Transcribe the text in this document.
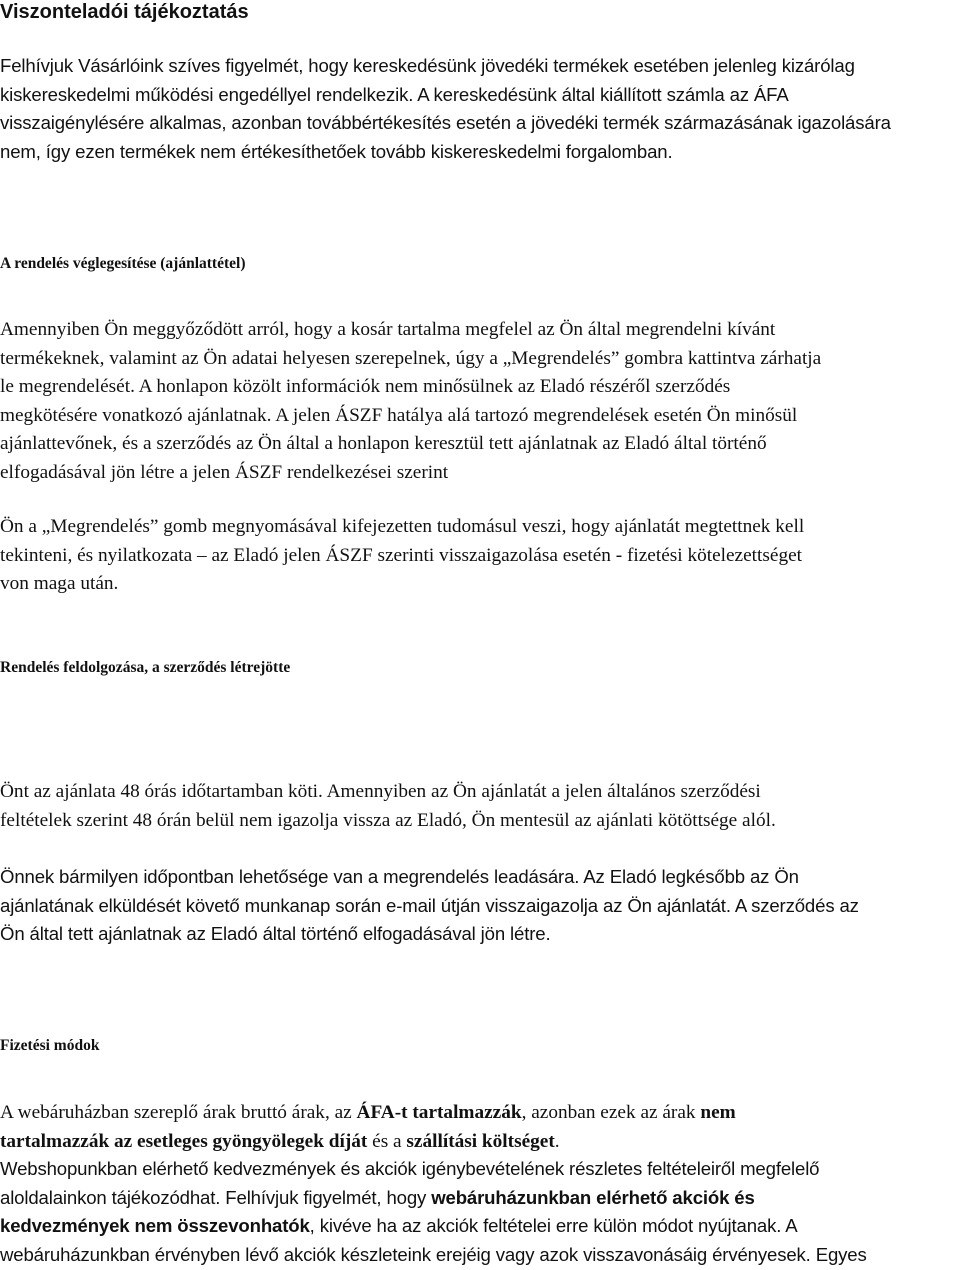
Viszonteladói tájékoztatás

Felhívjuk Vásárlóink szíves figyelmét, hogy kereskedésünk jövedéki termékek esetében jelenleg kizárólag
kiskereskedelmi működési engedéllyel rendelkezik. A kereskedésünk által kiállított számla az ÁFA
visszaigénylésére alkalmas, azonban továbbértékesítés esetén a jövedéki termék származásának igazolására
nem, így ezen termékek nem értékesíthetőek tovább kiskereskedelmi forgalomban.

A rendelés véglegesítése (ajánlattétel)

Amennyiben Ön meggyőződött arról, hogy a kosár tartalma megfelel az Ön által megrendelni kívánt
termékeknek, valamint az Ön adatai helyesen szerepelnek, úgy a „Megrendelés” gombra kattintva zárhatja
le megrendelését. A honlapon közölt információk nem minősülnek az Eladó részéről szerződés
megkötésére vonatkozó ajánlatnak. A jelen ÁSZF hatálya alá tartozó megrendelések esetén Ön minősül
ajánlattevőnek, és a szerződés az Ön által a honlapon keresztül tett ajánlatnak az Eladó által történő
elfogadásával jön létre a jelen ÁSZF rendelkezései szerint

Ön a „Megrendelés” gomb megnyomásával kifejezetten tudomásul veszi, hogy ajánlatát megtettnek kell
tekinteni, és nyilatkozata – az Eladó jelen ÁSZF szerinti visszaigazolása esetén - fizetési kötelezettséget
von maga után.

Rendelés feldolgozása, a szerződés létrejötte

Önt az ajánlata 48 órás időtartamban köti. Amennyiben az Ön ajánlatát a jelen általános szerződési
feltételek szerint 48 órán belül nem igazolja vissza az Eladó, Ön mentesül az ajánlati kötöttsége alól.

Önnek bármilyen időpontban lehetősége van a megrendelés leadására. Az Eladó legkésőbb az Ön
ajánlatának elküldését követő munkanap során e-mail útján visszaigazolja az Ön ajánlatát. A szerződés az
Ön által tett ajánlatnak az Eladó által történő elfogadásával jön létre.

Fizetési módok

A webáruházban szereplő árak bruttó árak, az ÁFA-t tartalmazzák, azonban ezek az árak nem
tartalmazzák az esetleges gyöngyölegek díját és a szállítási költséget.

Webshopunkban elérhető kedvezmények és akciók igénybevételének részletes feltételeiről megfelelő
aloldalainkon tájékozódhat. Felhívjuk figyelmét, hogy webáruházunkban elérhető akciók és
kedvezmények nem összevonhatók, kivéve ha az akciók feltételei erre külön módot nyújtanak. A
webáruházunkban érvényben lévő akciók készleteink erejéig vagy azok visszavonásáig érvényesek. Egyes
